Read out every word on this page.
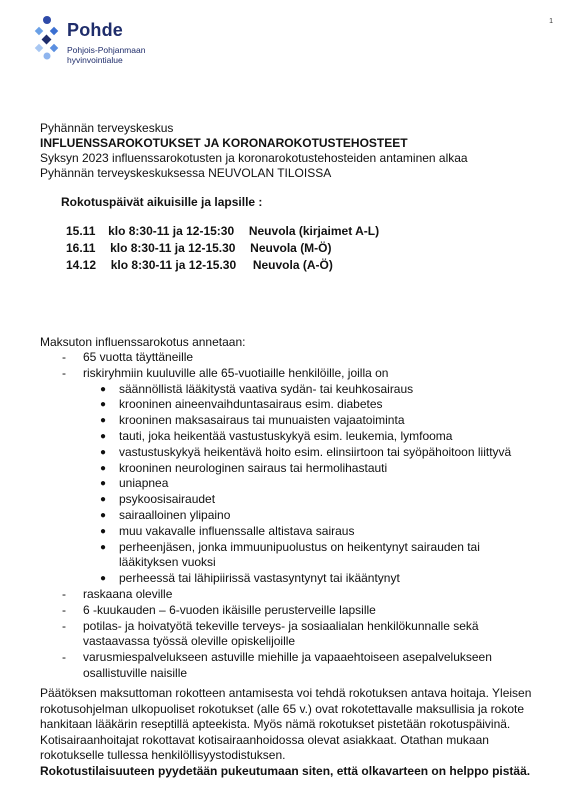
Pohde
Pohjois-Pohjanmaan
hyvinvointialue
1
Pyhännän terveyskeskus
INFLUENSSAROKOTUKSET JA KORONAROKOTUSTEHOSTEET
Syksyn 2023 influenssarokotusten ja koronarokotustehosteiden antaminen alkaa
Pyhännän terveyskeskuksessa NEUVOLAN TILOISSA
Rokotuspäivät aikuisille ja lapsille :
15.11 klo 8:30-11 ja 12-15:30 Neuvola (kirjaimet A-L)
16.11 klo 8:30-11 ja 12-15.30 Neuvola (M-Ö)
14.12 klo 8:30-11 ja 12-15.30 Neuvola (A-Ö)
Maksuton influenssarokotus annetaan:
- 65 vuotta täyttäneille
- riskiryhmiin kuuluville alle 65-vuotiaille henkilöille, joilla on
● säännöllistä lääkitystä vaativa sydän- tai keuhkosairaus
● krooninen aineenvaihduntasairaus esim. diabetes
● krooninen maksasairaus tai munuaisten vajaatoiminta
● tauti, joka heikentää vastustuskykyä esim. leukemia, lymfooma
● vastustuskykyä heikentävä hoito esim. elinsiirtoon tai syöpähoitoon liittyvä
● krooninen neurologinen sairaus tai hermolihastauti
● uniapnea
● psykoosisairaudet
● sairaalloinen ylipaino
● muu vakavalle influenssalle altistava sairaus
● perheenjäsen, jonka immuunipuolustus on heikentynyt sairauden tai lääkityksen vuoksi
● perheessä tai lähipiirissä vastasyntynyt tai ikääntynyt
- raskaana oleville
- 6 -kuukauden – 6-vuoden ikäisille perusterveille lapsille
- potilas- ja hoivatyötä tekeville terveys- ja sosiaalialan henkilökunnalle sekä vastaavassa työssä oleville opiskelijoille
- varusmiespalvelukseen astuville miehille ja vapaaehtoiseen asepalvelukseen osallistuville naisille
Päätöksen maksuttoman rokotteen antamisesta voi tehdä rokotuksen antava hoitaja. Yleisen rokotusohjelman ulkopuoliset rokotukset (alle 65 v.) ovat rokotettavalle maksullisia ja rokote hankitaan lääkärin reseptillä apteekista. Myös nämä rokotukset pistetään rokotuspäivinä. Kotisairaanhoitajat rokottavat kotisairaanhoidossa olevat asiakkaat. Otathan mukaan rokotukselle tullessa henkilöllisyystodistuksen.
Rokotustilaisuuteen pyydetään pukeutumaan siten, että olkavarteen on helppo pistää.
